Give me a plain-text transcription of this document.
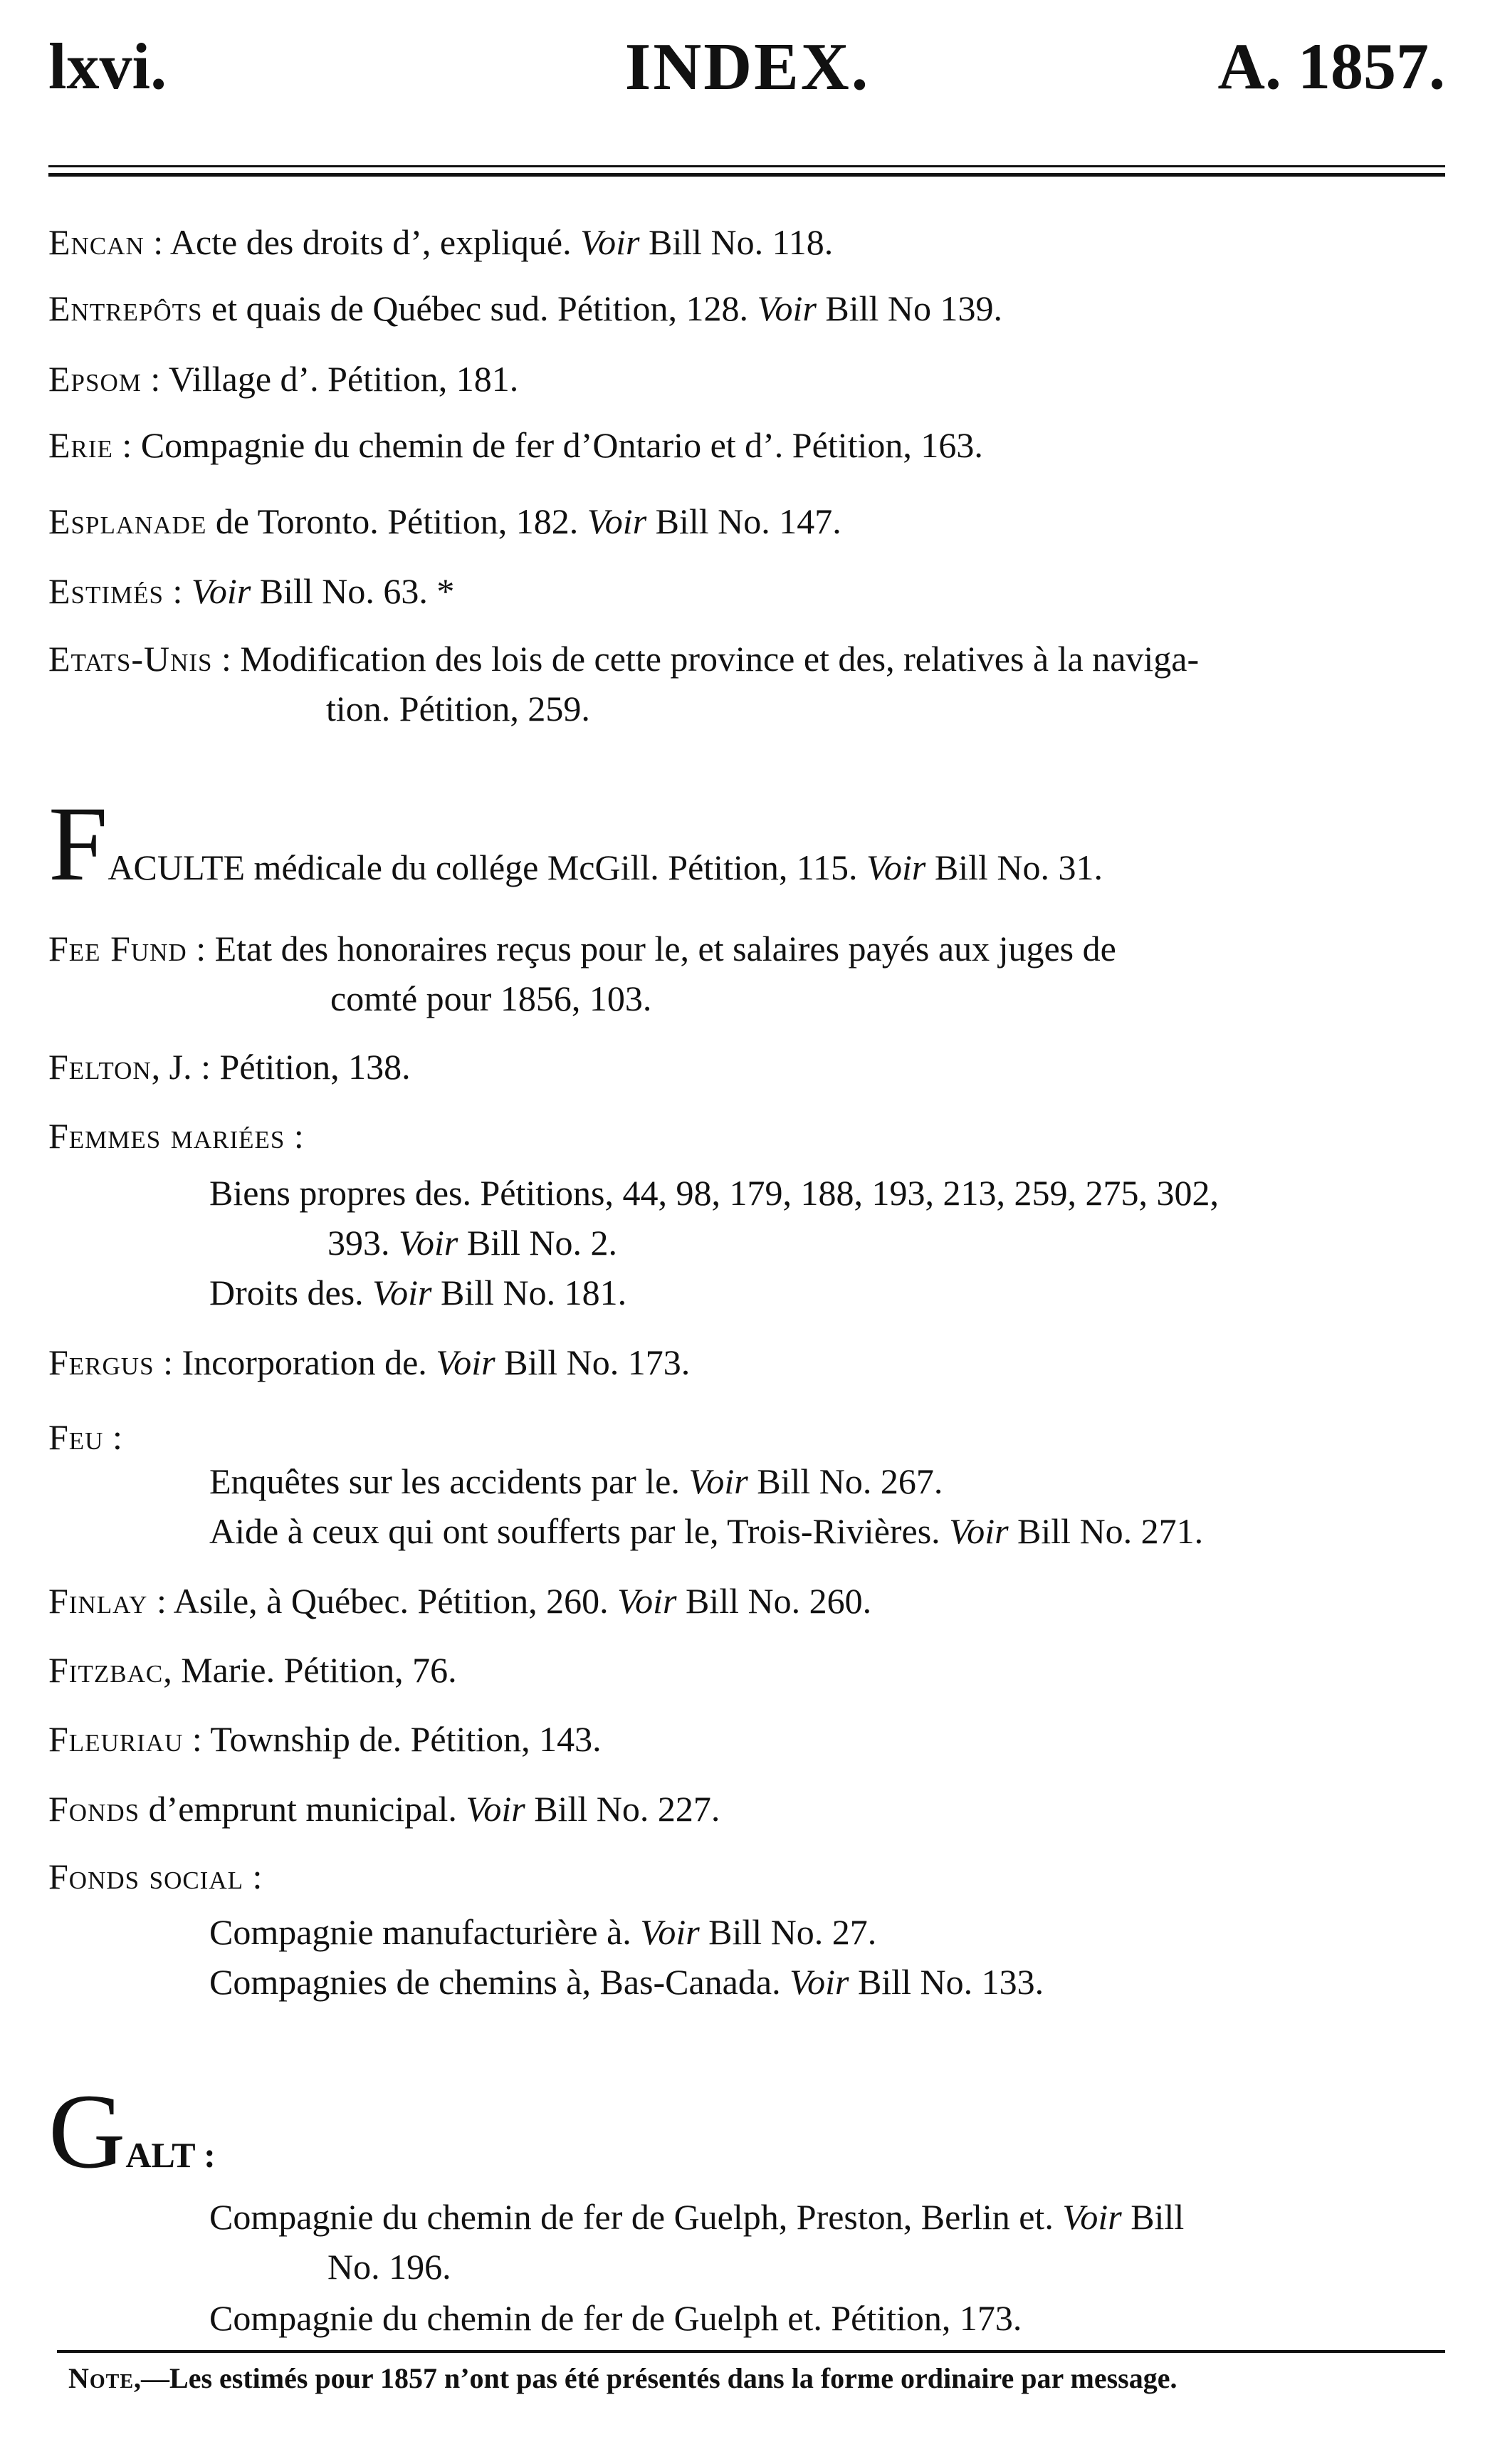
lxvi.	INDEX.	A. 1857.
Encan : Acte des droits d’, expliqué. Voir Bill No. 118.
Entrepôts et quais de Québec sud. Pétition, 128. Voir Bill No 139.
Epsom : Village d’. Pétition, 181.
Erie : Compagnie du chemin de fer d’Ontario et d’. Pétition, 163.
Esplanade de Toronto. Pétition, 182. Voir Bill No. 147.
Estimés : Voir Bill No. 63. *
Etats-Unis : Modification des lois de cette province et des, relatives à la naviga-
tion. Pétition, 259.
FACULTE médicale du collége McGill. Pétition, 115. Voir Bill No. 31.
Fee Fund : Etat des honoraires reçus pour le, et salaires payés aux juges de
comté pour 1856, 103.
Felton, J. : Pétition, 138.
Femmes mariées :
Biens propres des. Pétitions, 44, 98, 179, 188, 193, 213, 259, 275, 302,
393. Voir Bill No. 2.
Droits des. Voir Bill No. 181.
Fergus : Incorporation de. Voir Bill No. 173.
Feu :
Enquêtes sur les accidents par le. Voir Bill No. 267.
Aide à ceux qui ont soufferts par le, Trois-Rivières. Voir Bill No. 271.
Finlay : Asile, à Québec. Pétition, 260. Voir Bill No. 260.
Fitzbac, Marie. Pétition, 76.
Fleuriau : Township de. Pétition, 143.
Fonds d’emprunt municipal. Voir Bill No. 227.
Fonds social :
Compagnie manufacturière à. Voir Bill No. 27.
Compagnies de chemins à, Bas-Canada. Voir Bill No. 133.
GALT :
Compagnie du chemin de fer de Guelph, Preston, Berlin et. Voir Bill
No. 196.
Compagnie du chemin de fer de Guelph et. Pétition, 173.
Note,—Les estimés pour 1857 n’ont pas été présentés dans la forme ordinaire par message.
